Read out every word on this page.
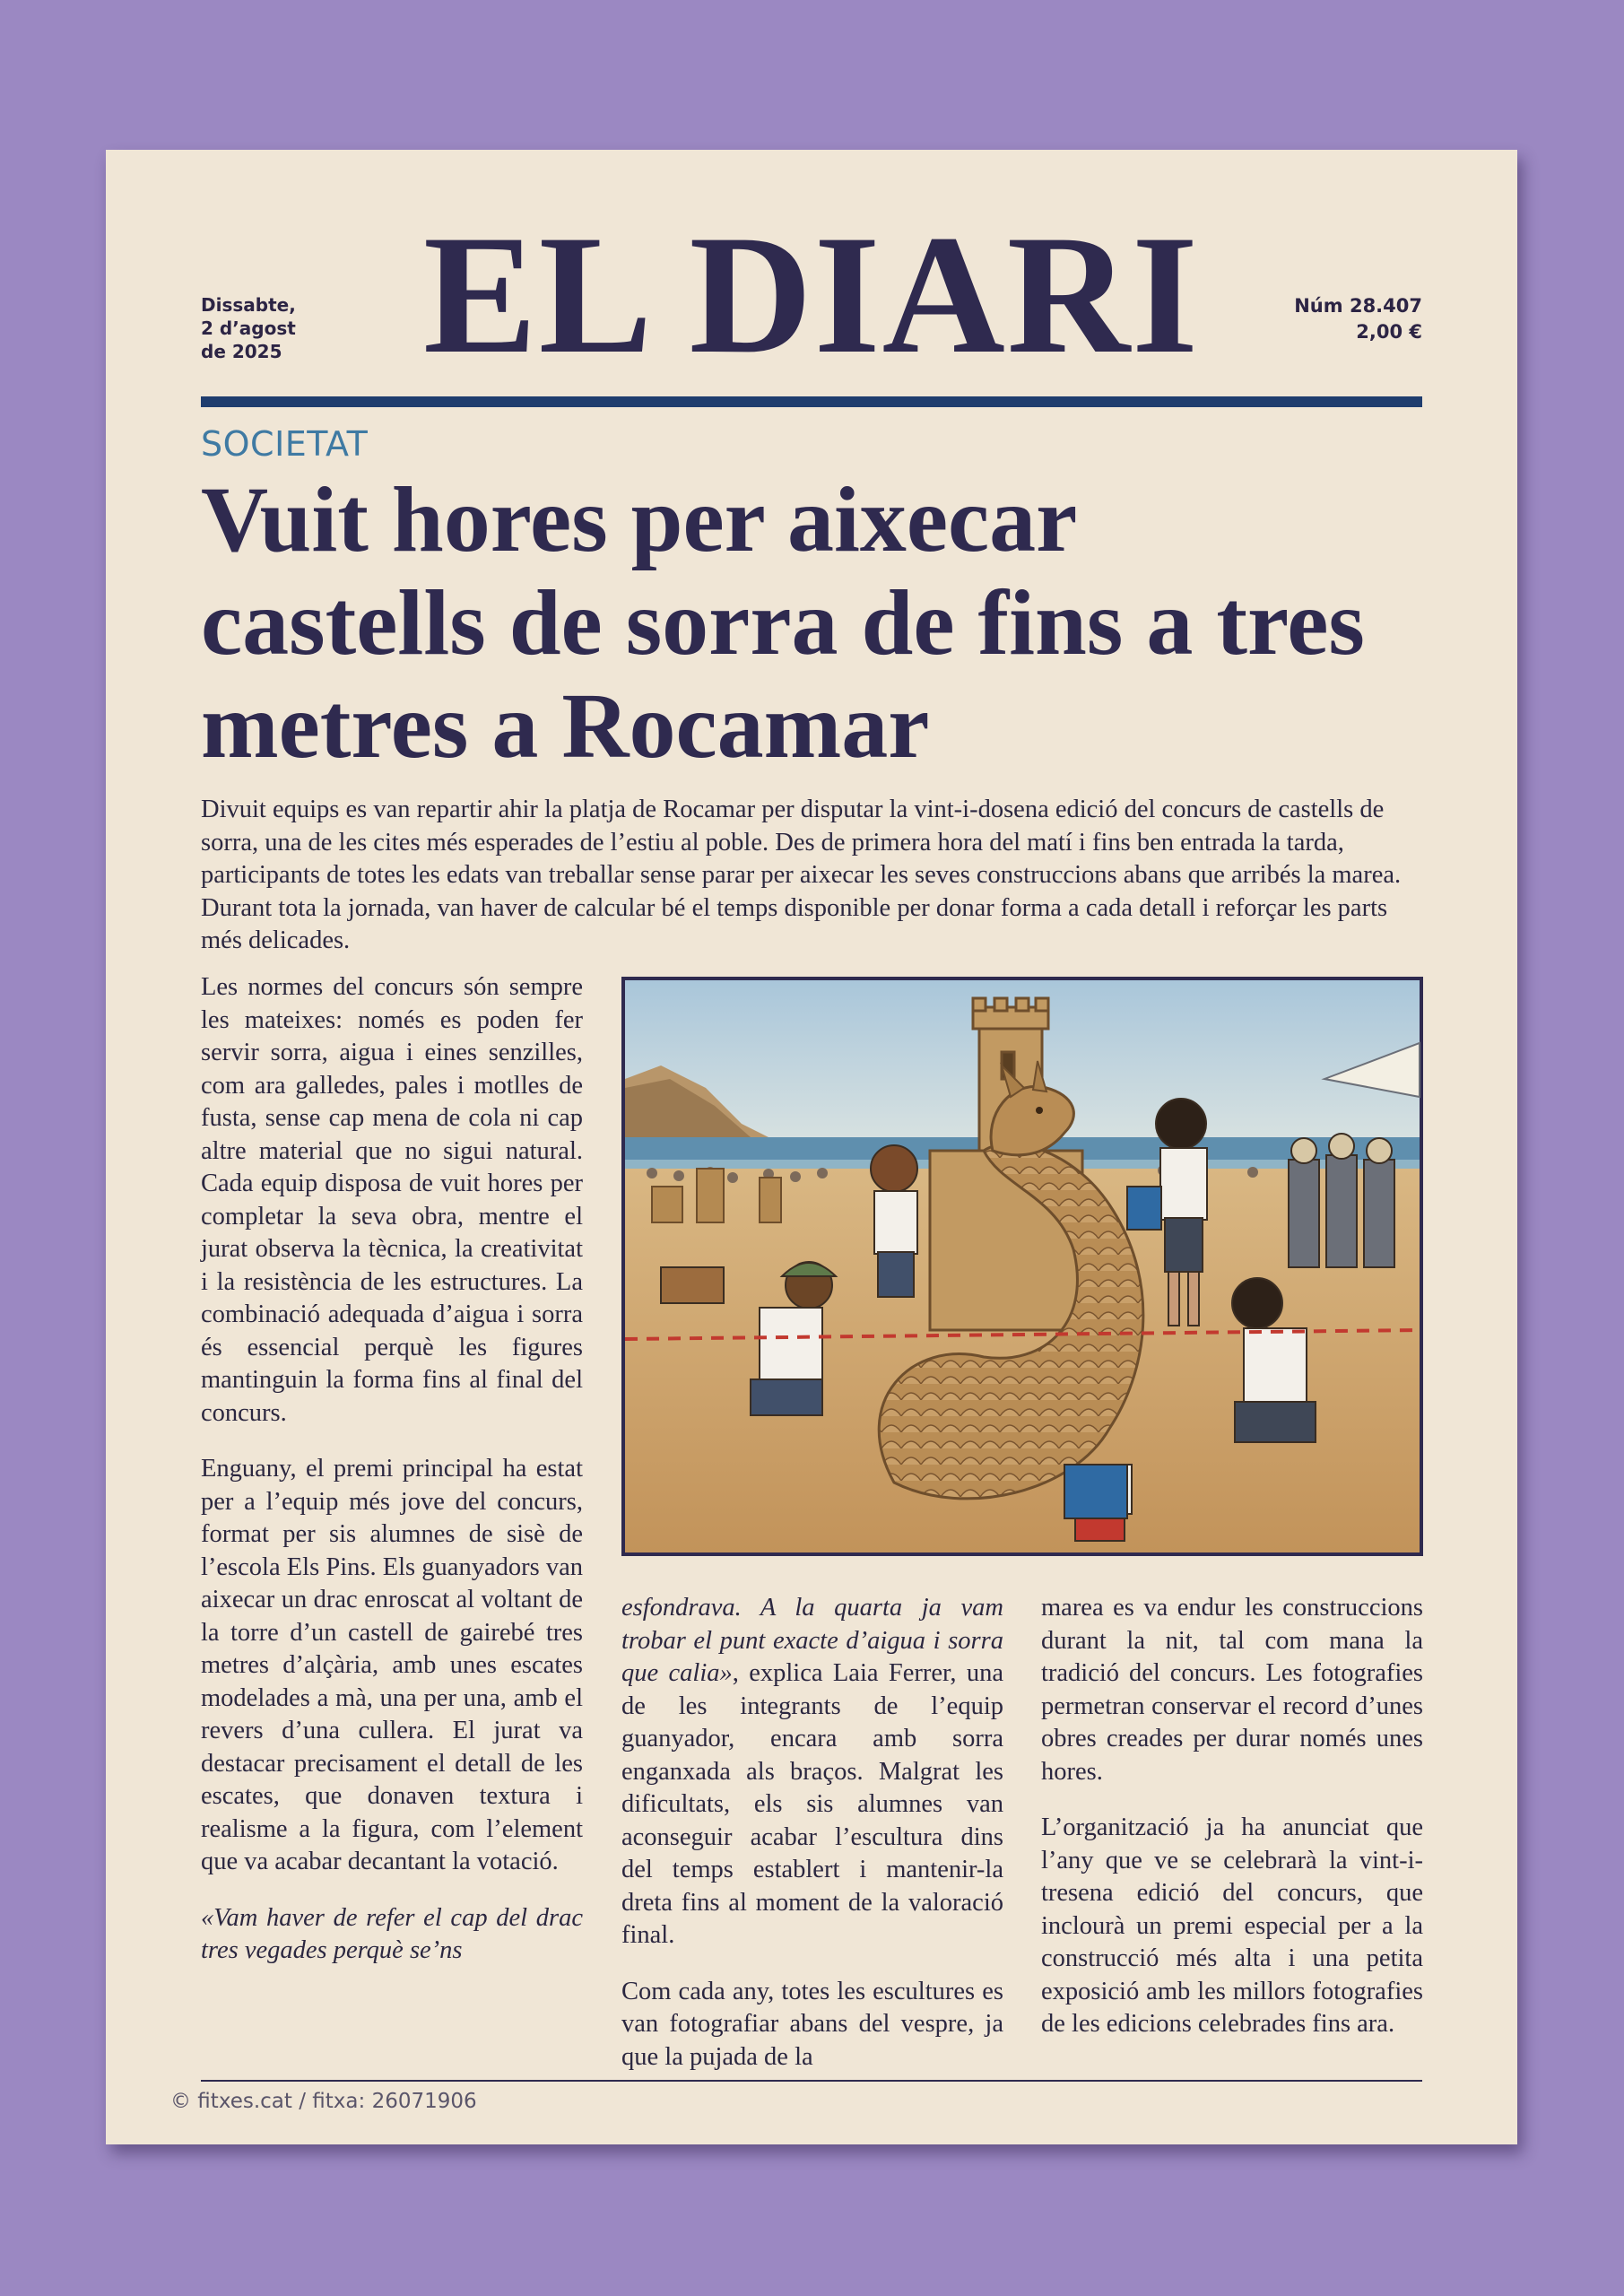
Dissabte,
2 d’agost
de 2025 EL DIARI	Núm 28.407
2,00 €
SOCIETAT
Vuit hores per aixecar castells de sorra de fins a tres metres a Rocamar

Divuit equips es van repartir ahir la platja de Rocamar per disputar la vint-i-dosena edició del concurs de castells de sorra, una de les cites més esperades de l’estiu al poble. Des de primera hora del matí i fins ben entrada la tarda, participants de totes les edats van treballar sense parar per aixecar les seves construccions abans que arribés la marea. Durant tota la jornada, van haver de calcular bé el temps disponible per donar forma a cada detall i reforçar les parts més delicades.

Les normes del concurs són sempre les mateixes: només es poden fer servir sorra, aigua i eines senzilles, com ara galledes, pales i motlles de fusta, sense cap mena de cola ni cap altre material que no sigui natural. Cada equip disposa de vuit hores per completar la seva obra, mentre el jurat observa la tècnica, la creativitat i la resistència de les estructures. La combinació adequada d’aigua i sorra és essencial perquè les figures mantinguin la forma fins al final del concurs.

Enguany, el premi principal ha estat per a l’equip més jove del concurs, format per sis alumnes de sisè de l’escola Els Pins. Els guanyadors van aixecar un drac enroscat al voltant de la torre d’un castell de gairebé tres metres d’alçària, amb unes escates modelades a mà, una per una, amb el revers d’una cullera. El jurat va destacar precisament el detall de les escates, que donaven textura i realisme a la figura, com l’element que va acabar decantant la votació.

«Vam haver de refer el cap del drac tres vegades perquè se’ns

esfondrava. A la quarta ja vam trobar el punt exacte d’aigua i sorra que calia», explica Laia Ferrer, una de les integrants de l’equip guanyador, encara amb sorra enganxada als braços. Malgrat les dificultats, els sis alumnes van aconseguir acabar l’escultura dins del temps establert i mantenir-la dreta fins al moment de la valoració final.

Com cada any, totes les escultures es van fotografiar abans del vespre, ja que la pujada de la

marea es va endur les construccions durant la nit, tal com mana la tradició del concurs. Les fotografies permetran conservar el record d’unes obres creades per durar només unes hores.

L’organització ja ha anunciat que l’any que ve se celebrarà la vint-i-tresena edició del concurs, que inclourà un premi especial per a la construcció més alta i una petita exposició amb les millors fotografies de les edicions celebrades fins ara.

© fitxes.cat / fitxa: 26071906
